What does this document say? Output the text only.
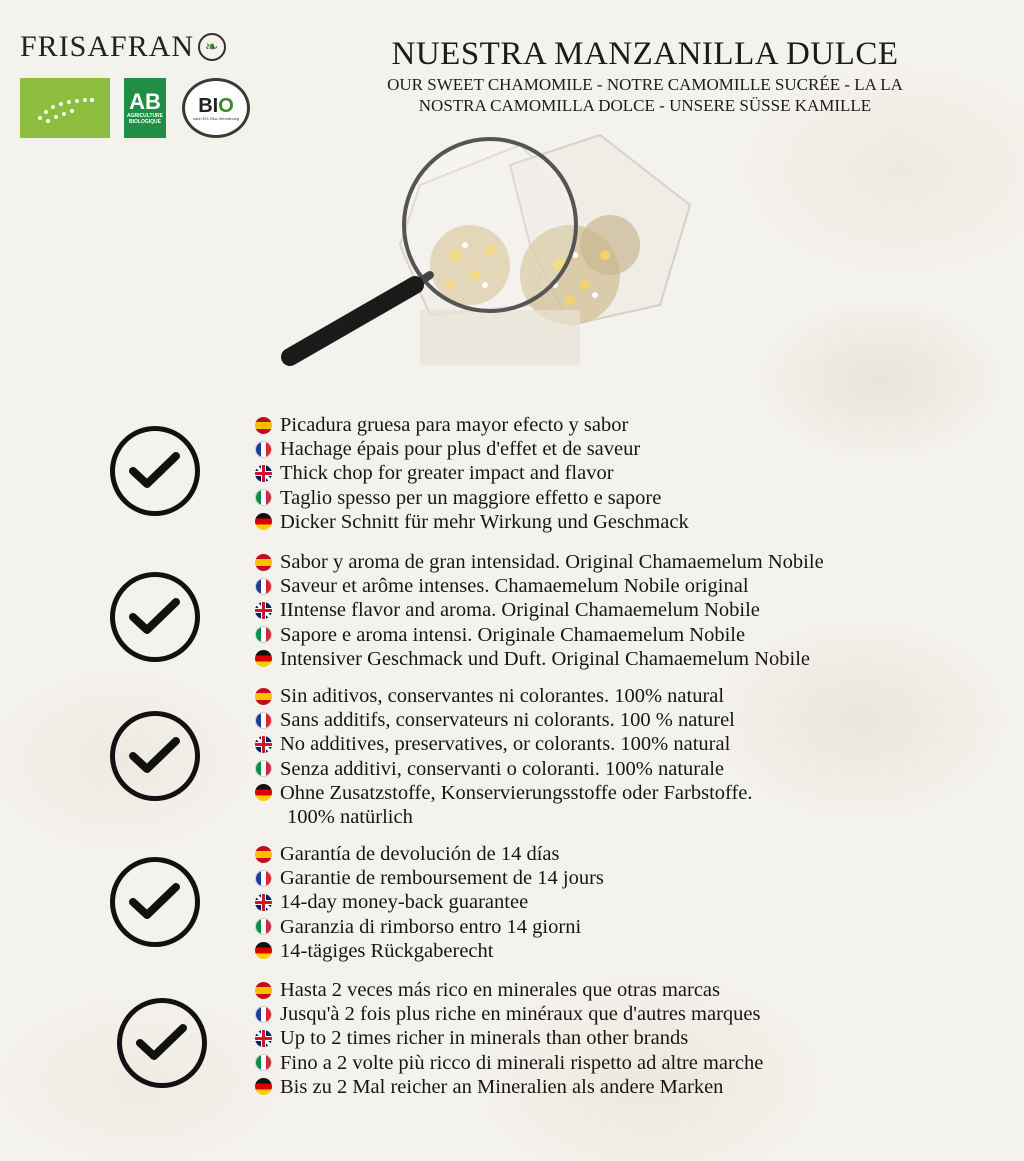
FRISAFRAN ❧
AB
AGRICULTURE BIOLOGIQUE
BIO
nach EG-Öko-Verordnung
NUESTRA MANZANILLA DULCE
OUR SWEET CHAMOMILE - NOTRE CAMOMILLE SUCRÉE - LA LA
NOSTRA CAMOMILLA DOLCE - UNSERE SÜSSE KAMILLE
Picadura gruesa para mayor efecto y sabor
Hachage épais pour plus d'effet et de saveur
Thick chop for greater impact and flavor
Taglio spesso per un maggiore effetto e sapore
Dicker Schnitt für mehr Wirkung und Geschmack
Sabor y aroma de gran intensidad. Original Chamaemelum Nobile
Saveur et arôme intenses. Chamaemelum Nobile original
IIntense flavor and aroma. Original Chamaemelum Nobile
Sapore e aroma intensi. Originale Chamaemelum Nobile
Intensiver Geschmack und Duft. Original Chamaemelum Nobile
Sin aditivos, conservantes ni colorantes. 100% natural
Sans additifs, conservateurs ni colorants. 100 % naturel
No additives, preservatives, or colorants. 100% natural
Senza additivi, conservanti o coloranti. 100% naturale
Ohne Zusatzstoffe, Konservierungsstoffe oder Farbstoffe.
100% natürlich
Garantía de devolución de 14 días
Garantie de remboursement de 14 jours
14-day money-back guarantee
Garanzia di rimborso entro 14 giorni
14-tägiges Rückgaberecht
Hasta 2 veces más rico en minerales que otras marcas
Jusqu'à 2 fois plus riche en minéraux que d'autres marques
Up to 2 times richer in minerals than other brands
Fino a 2 volte più ricco di minerali rispetto ad altre marche
Bis zu 2 Mal reicher an Mineralien als andere Marken
